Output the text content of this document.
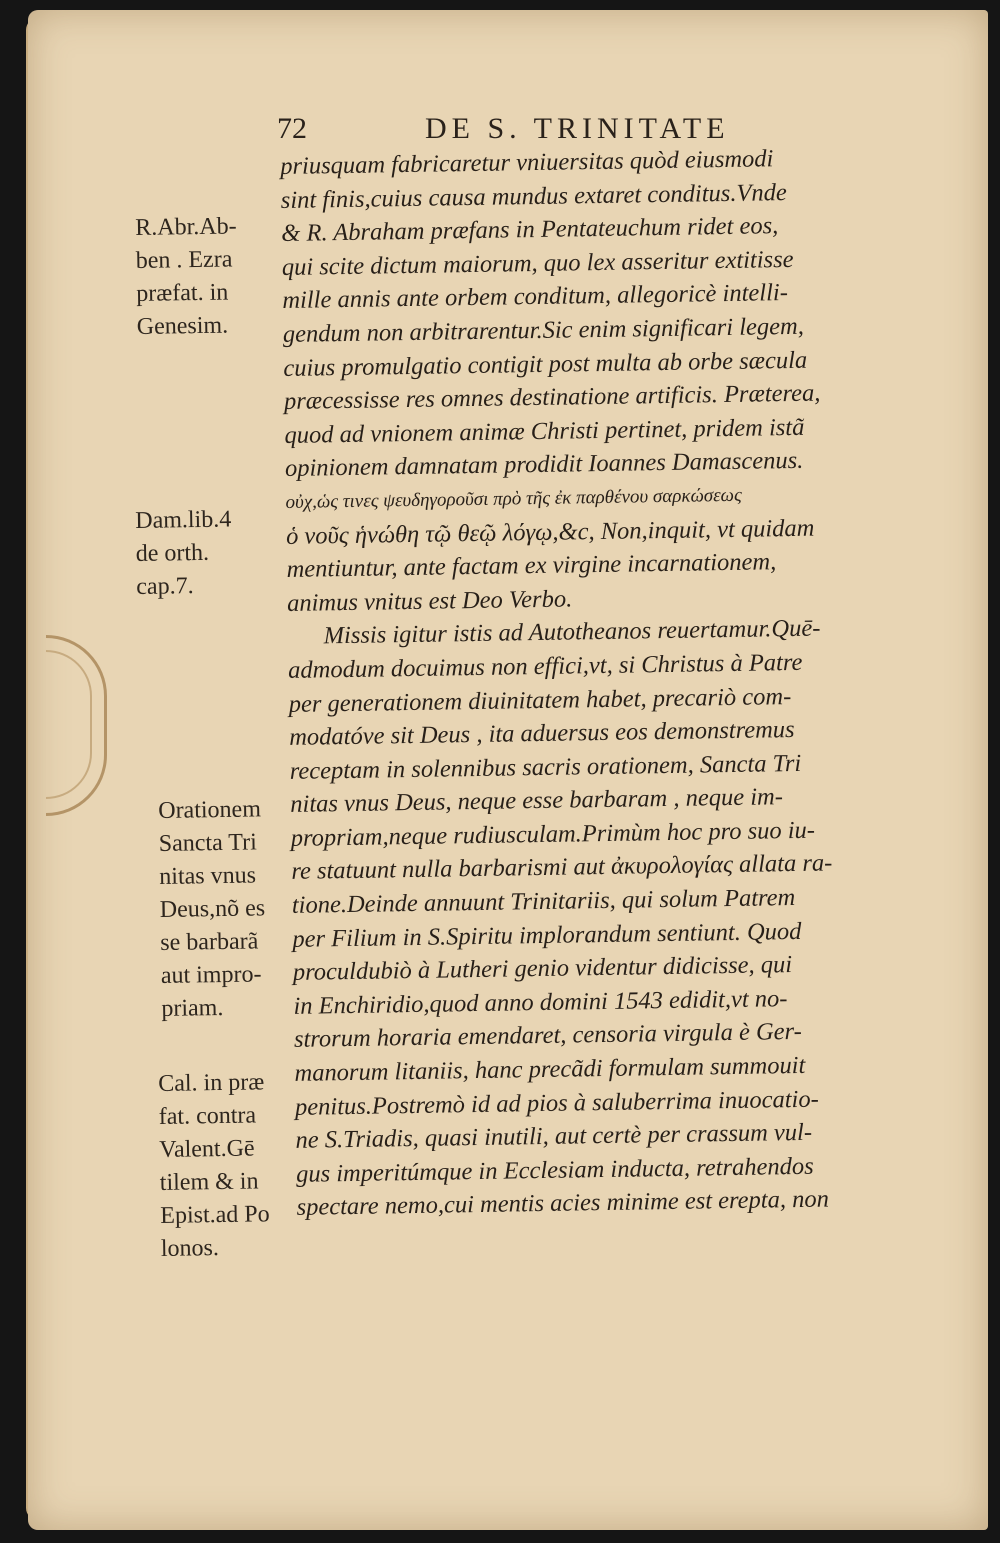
72	DE S. TRINITATE
priusquam fabricaretur vniuersitas quòd eiusmodi
sint finis,cuius causa mundus extaret conditus.Vnde
& R. Abraham præfans in Pentateuchum ridet eos,
qui scite dictum maiorum, quo lex asseritur extitisse
mille annis ante orbem conditum, allegoricè intelli-
gendum non arbitrarentur.Sic enim significari legem,
cuius promulgatio contigit post multa ab orbe sæcula
præcessisse res omnes destinatione artificis. Præterea,
quod ad vnionem animæ Christi pertinet, pridem istã
opinionem damnatam prodidit Ioannes Damascenus.
οὐχ,ὡς τινες ψευδηγοροῦσι πρὸ τῆς ἐκ παρθένου σαρκώσεως
ὁ νοῦς ἡνώθη τῷ θεῷ λόγῳ,&c, Non,inquit, vt quidam
mentiuntur, ante factam ex virgine incarnationem,
animus vnitus est Deo Verbo.
Missis igitur istis ad Autotheanos reuertamur.Quē-
admodum docuimus non effici,vt, si Christus à Patre
per generationem diuinitatem habet, precariò com-
modatóve sit Deus , ita aduersus eos demonstremus
receptam in solennibus sacris orationem, Sancta Tri
nitas vnus Deus, neque esse barbaram , neque im-
propriam,neque rudiusculam.Primùm hoc pro suo iu-
re statuunt nulla barbarismi aut ἀκυρολογίας allata ra-
tione.Deinde annuunt Trinitariis, qui solum Patrem
per Filium in S.Spiritu implorandum sentiunt. Quod
proculdubiò à Lutheri genio videntur didicisse, qui
in Enchiridio,quod anno domini 1543 edidit,vt no-
strorum horaria emendaret, censoria virgula è Ger-
manorum litaniis, hanc precãdi formulam summouit
penitus.Postremò id ad pios à saluberrima inuocatio-
ne S.Triadis, quasi inutili, aut certè per crassum vul-
gus imperitúmque in Ecclesiam inducta, retrahendos
spectare nemo,cui mentis acies minime est erepta, non
R.Abr.Ab-
ben . Ezra
præfat. in
Genesim.
Dam.lib.4
de orth.
cap.7.
Orationem
Sancta Tri
nitas vnus
Deus,nõ es
se barbarã
aut impro-
priam.
Cal. in præ
fat. contra
Valent.Gē
tilem & in
Epist.ad Po
lonos.
